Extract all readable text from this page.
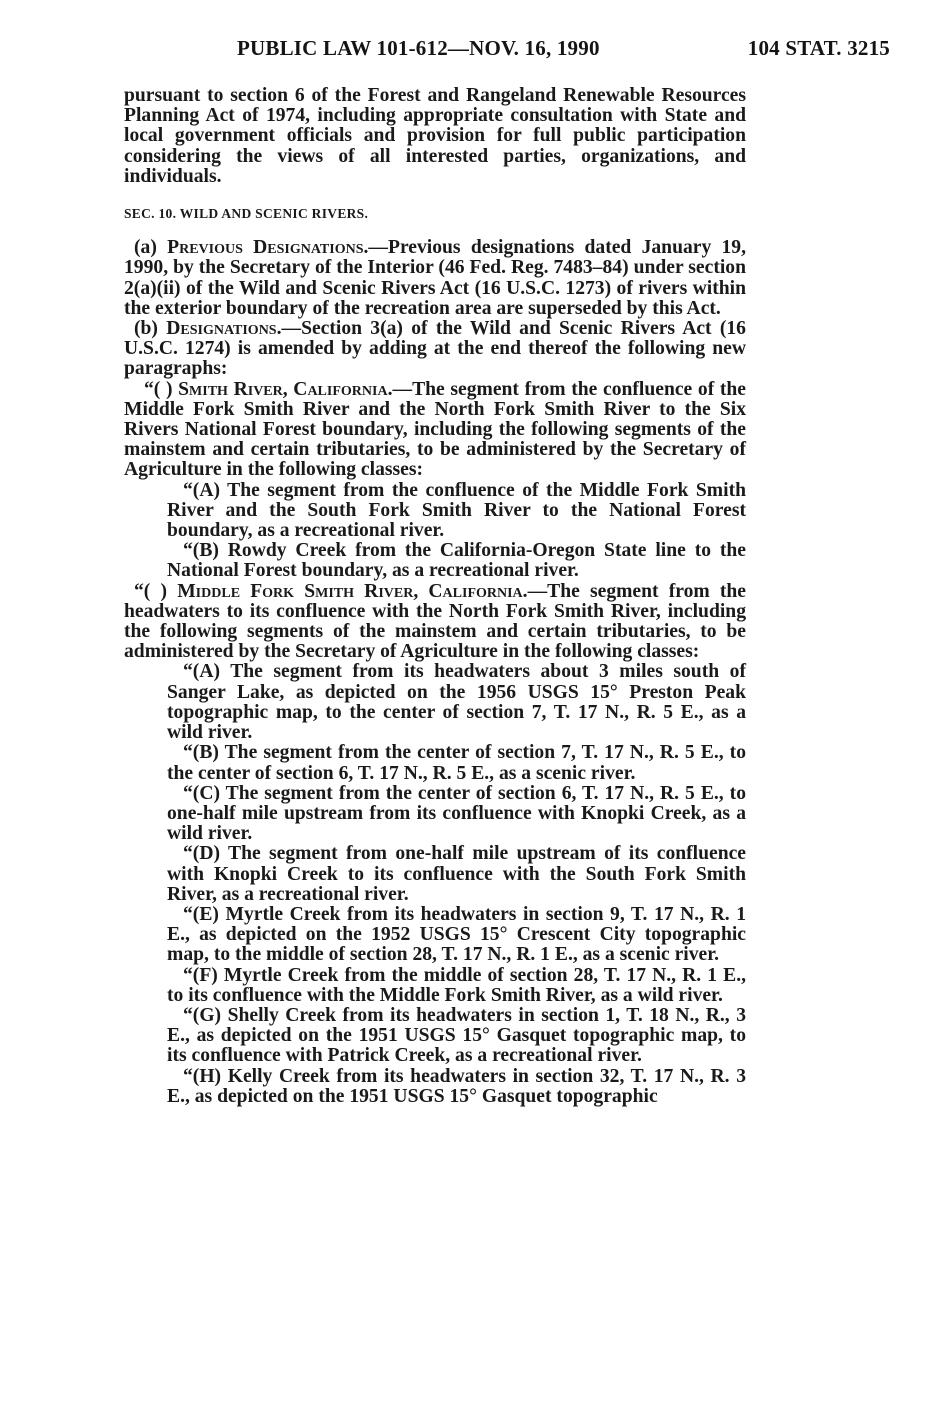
PUBLIC LAW 101-612—NOV. 16, 1990	104 STAT. 3215

pursuant to section 6 of the Forest and Rangeland Renewable Resources Planning Act of 1974, including appropriate consultation with State and local government officials and provision for full public participation considering the views of all interested parties, organizations, and individuals.

SEC. 10. WILD AND SCENIC RIVERS.

(a) Previous Designations.—Previous designations dated January 19, 1990, by the Secretary of the Interior (46 Fed. Reg. 7483–84) under section 2(a)(ii) of the Wild and Scenic Rivers Act (16 U.S.C. 1273) of rivers within the exterior boundary of the recreation area are superseded by this Act.

(b) Designations.—Section 3(a) of the Wild and Scenic Rivers Act (16 U.S.C. 1274) is amended by adding at the end thereof the following new paragraphs:

“( ) Smith River, California.—The segment from the confluence of the Middle Fork Smith River and the North Fork Smith River to the Six Rivers National Forest boundary, including the following segments of the mainstem and certain tributaries, to be administered by the Secretary of Agriculture in the following classes:

“(A) The segment from the confluence of the Middle Fork Smith River and the South Fork Smith River to the National Forest boundary, as a recreational river.

“(B) Rowdy Creek from the California-Oregon State line to the National Forest boundary, as a recreational river.

“( ) Middle Fork Smith River, California.—The segment from the headwaters to its confluence with the North Fork Smith River, including the following segments of the mainstem and certain tributaries, to be administered by the Secretary of Agriculture in the following classes:

“(A) The segment from its headwaters about 3 miles south of Sanger Lake, as depicted on the 1956 USGS 15° Preston Peak topographic map, to the center of section 7, T. 17 N., R. 5 E., as a wild river.

“(B) The segment from the center of section 7, T. 17 N., R. 5 E., to the center of section 6, T. 17 N., R. 5 E., as a scenic river.

“(C) The segment from the center of section 6, T. 17 N., R. 5 E., to one-half mile upstream from its confluence with Knopki Creek, as a wild river.

“(D) The segment from one-half mile upstream of its confluence with Knopki Creek to its confluence with the South Fork Smith River, as a recreational river.

“(E) Myrtle Creek from its headwaters in section 9, T. 17 N., R. 1 E., as depicted on the 1952 USGS 15° Crescent City topographic map, to the middle of section 28, T. 17 N., R. 1 E., as a scenic river.

“(F) Myrtle Creek from the middle of section 28, T. 17 N., R. 1 E., to its confluence with the Middle Fork Smith River, as a wild river.

“(G) Shelly Creek from its headwaters in section 1, T. 18 N., R., 3 E., as depicted on the 1951 USGS 15° Gasquet topographic map, to its confluence with Patrick Creek, as a recreational river.

“(H) Kelly Creek from its headwaters in section 32, T. 17 N., R. 3 E., as depicted on the 1951 USGS 15° Gasquet topographic
